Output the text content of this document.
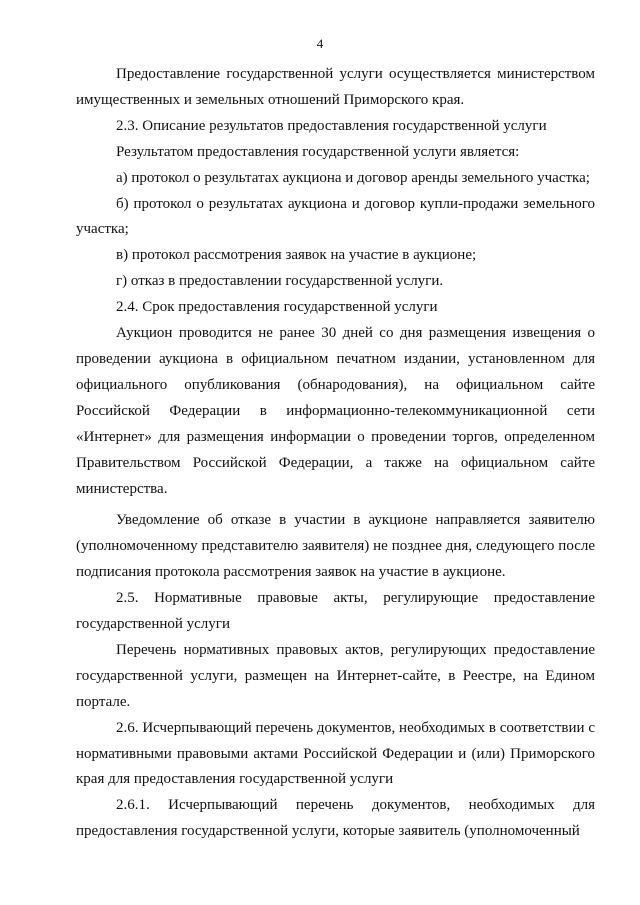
4

Предоставление государственной услуги осуществляется министерством имущественных и земельных отношений Приморского края.

2.3. Описание результатов предоставления государственной услуги

Результатом предоставления государственной услуги является:

а) протокол о результатах аукциона и договор аренды земельного участка;

б) протокол о результатах аукциона и договор купли-продажи земельного участка;

в) протокол рассмотрения заявок на участие в аукционе;

г) отказ в предоставлении государственной услуги.

2.4. Срок предоставления государственной услуги

Аукцион проводится не ранее 30 дней со дня размещения извещения о проведении аукциона в официальном печатном издании, установленном для официального опубликования (обнародования), на официальном сайте Российской Федерации в информационно-телекоммуникационной сети «Интернет» для размещения информации о проведении торгов, определенном Правительством Российской Федерации, а также на официальном сайте министерства.

Уведомление об отказе в участии в аукционе направляется заявителю (уполномоченному представителю заявителя) не позднее дня, следующего после подписания протокола рассмотрения заявок на участие в аукционе.

2.5. Нормативные правовые акты, регулирующие предоставление государственной услуги

Перечень нормативных правовых актов, регулирующих предоставление государственной услуги, размещен на Интернет-сайте, в Реестре, на Едином портале.

2.6. Исчерпывающий перечень документов, необходимых в соответствии с нормативными правовыми актами Российской Федерации и (или) Приморского края для предоставления государственной услуги

2.6.1. Исчерпывающий перечень документов, необходимых для предоставления государственной услуги, которые заявитель (уполномоченный
